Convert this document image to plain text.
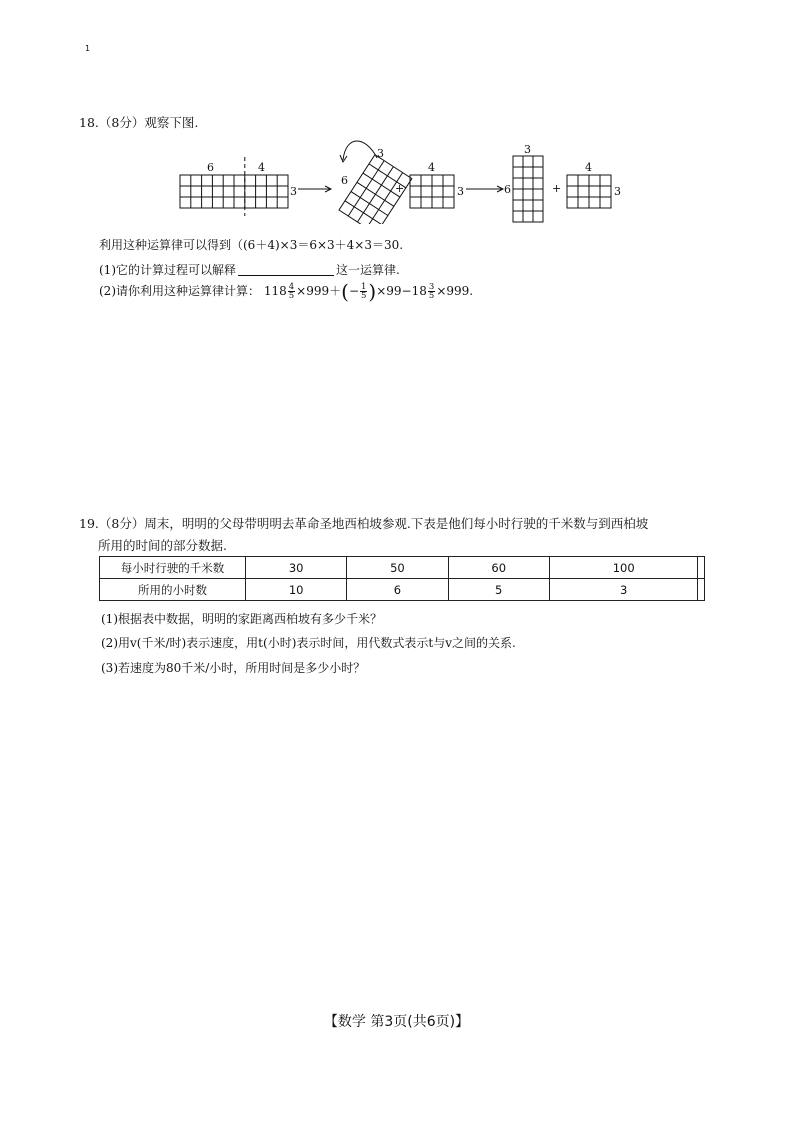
1
18.（8分）观察下图.
6	4
3
6
3
+
4
3
3
6	+
4
3
利用这种运算律可以得到（(6＋4)×3＝6×3＋4×3＝30.
(1)它的计算过程可以解释	这一运算律.
(2)请你利用这种运算律计算： $118 \frac{4}{5} \times 999+(- \frac{1}{5} )\times 99-18 \frac{3}{5} \times 999$.
19.（8分）周末，明明的父母带明明去革命圣地西柏坡参观.下表是他们每小时行驶的千米数与到西柏坡
所用的时间的部分数据.
每小时行驶的千米数	30	50	60	100	
所用的小时数	10	6	5	3	
(1)根据表中数据，明明的家距离西柏坡有多少千米？
(2)用v(千米/时)表示速度，用t(小时)表示时间，用代数式表示t与v之间的关系.
(3)若速度为80千米/小时，所用时间是多少小时？
【数学 第3页(共6页)】
